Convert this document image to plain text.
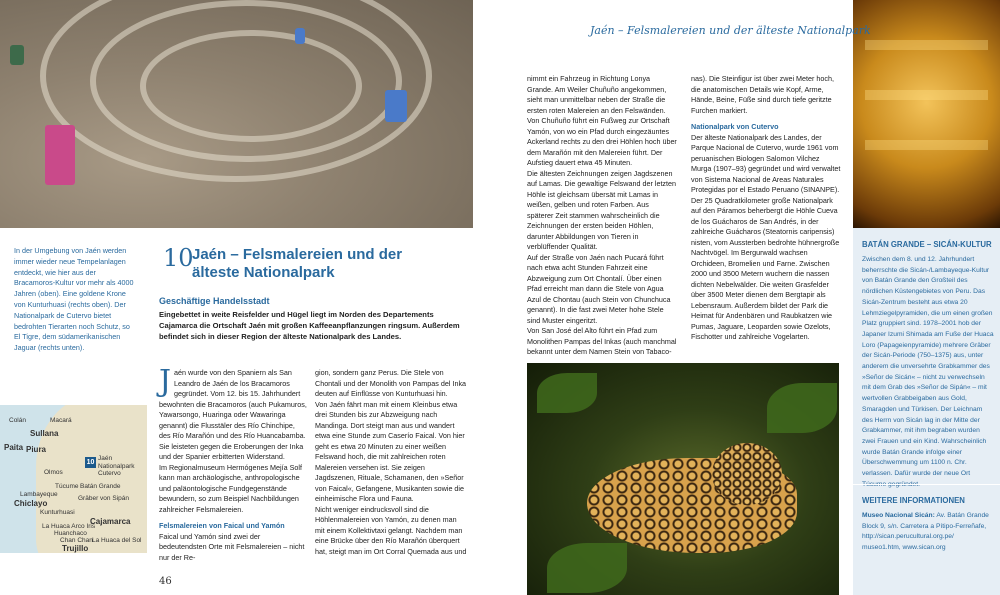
10
Colán
Sullana
Macará
Paita Piura
Jaén
Nationalpark Cutervo
Olmos
Túcume Batán Grande
Lambayeque
Chiclayo
Gräber von Sipán
Kunturhuasi
La Huaca Arco Iris
Huanchaco
Chan Chan
Trujillo
Cajamarca
La Huaca del Sol
In der Umgebung von Jaén werden immer wieder neue Tempelanlagen entdeckt, wie hier aus der Bracamoros-Kultur vor mehr als 4000 Jahren (oben). Eine goldene Krone von Kunturhuasi (rechts oben). Der Nationalpark de Cutervo bietet bedrohten Tierarten noch Schutz, so El Tigre, dem südamerikanischen Jaguar (rechts unten).
10
Jaén – Felsmalereien und der älteste Nationalpark
Geschäftige Handelsstadt
Eingebettet in weite Reisfelder und Hügel liegt im Norden des Departements Cajamarca die Ortschaft Jaén mit großen Kaffeeanpflanzungen ringsum. Außerdem befindet sich in dieser Region der älteste Nationalpark des Landes.

Jaén wurde von den Spaniern als San Leandro de Jaén de los Bracamoros gegründet. Vom 12. bis 15. Jahrhundert bewohnten die Bracamoros (auch Pukamuros, Yawarsongo, Huaringa oder Wawaringa genannt) die Flusstäler des Río Chinchipe, des Río Marañón und des Río Huancabamba. Sie leisteten gegen die Eroberungen der Inka und der Spanier erbitterten Widerstand.

Im Regionalmuseum Hermógenes Mejía Solf kann man archäologische, anthropologische und paläontologische Fundgegenstände bewundern, so zum Beispiel Nachbildungen zahlreicher Felsmalereien.

Felsmalereien von Faical und Yamón

Faical und Yamón sind zwei der bedeutendsten Orte mit Felsmalereien – nicht nur der Re-

gion, sondern ganz Perus. Die Stele von Chontali und der Monolith von Pampas del Inka deuten auf Einflüsse von Kunturhuasi hin.

Von Jaén fährt man mit einem Kleinbus etwa drei Stunden bis zur Abzweigung nach Mandinga. Dort steigt man aus und wandert etwa eine Stunde zum Caserío Faical. Von hier geht es etwa 20 Minuten zu einer weißen Felswand hoch, die mit zahlreichen roten Malereien versehen ist. Sie zeigen Jagdszenen, Rituale, Schamanen, den »Señor von Faical«, Gefangene, Musikanten sowie die einheimische Flora und Fauna.

Nicht weniger eindrucksvoll sind die Höhlenmalereien von Yamón, zu denen man mit einem Kollektivtaxi gelangt. Nachdem man eine Brücke über den Río Marañón überquert hat, steigt man im Ort Corral Quemada aus und

46
Jaén – Felsmalereien und der älteste Nationalpark

nimmt ein Fahrzeug in Richtung Lonya Grande. Am Weiler Chuñuño angekommen, sieht man unmittelbar neben der Straße die ersten roten Malereien an den Felswänden. Von Chuñuño führt ein Fußweg zur Ortschaft Yamón, von wo ein Pfad durch eingezäuntes Ackerland rechts zu den drei Höhlen hoch über dem Marañón mit den Malereien führt. Der Aufstieg dauert etwa 45 Minuten.

Die ältesten Zeichnungen zeigen Jagdszenen auf Lamas. Die gewaltige Felswand der letzten Höhle ist gleichsam übersät mit Lamas in weißen, gelben und roten Farben. Aus späterer Zeit stammen wahrscheinlich die Zeichnungen der ersten beiden Höhlen, darunter Abbildungen von Tieren in verblüffender Qualität.

Auf der Straße von Jaén nach Pucará führt nach etwa acht Stunden Fahrzeit eine Abzweigung zum Ort Chontalí. Über einen Pfad erreicht man dann die Stele von Agua Azul de Chontau (auch Stein von Chunchuca genannt). In die fast zwei Meter hohe Stele sind Muster eingeritzt.

Von San José del Alto führt ein Pfad zum Monolithen Pampas del Inkas (auch manchmal bekannt unter dem Namen Stein von Tabaco-

nas). Die Steinfigur ist über zwei Meter hoch, die anatomischen Details wie Kopf, Arme, Hände, Beine, Füße sind durch tiefe geritzte Furchen markiert.

Nationalpark von Cutervo

Der älteste Nationalpark des Landes, der Parque Nacional de Cutervo, wurde 1961 vom peruanischen Biologen Salomon Vilchez Murga (1907–93) gegründet und wird verwaltet von Sistema Nacional de Areas Naturales Protegidas por el Estado Peruano (SINANPE). Der 25 Quadratkilometer große Nationalpark auf den Páramos beherbergt die Höhle Cueva de los Guácharos de San Andrés, in der zahlreiche Guácharos (Steatornis caripensis) nisten, vom Aussterben bedrohte hühnergroße Nachtvögel. Im Bergurwald wachsen Orchideen, Bromelien und Farne. Zwischen 2000 und 3500 Metern wuchern die nassen dichten Nebelwälder. Die weiten Grasfelder über 3500 Meter dienen dem Bergtapir als Lebensraum. Außerdem bildet der Park die Heimat für Andenbären und Raubkatzen wie Pumas, Jaguare, Leoparden sowie Ozelots, Fischotter und zahlreiche Vogelarten.

BATÁN GRANDE – SICÁN-KULTUR
Zwischen dem 8. und 12. Jahrhundert beherrschte die Sicán-/Lambayeque-Kultur von Batán Grande den Großteil des nördlichen Küstengebietes von Peru. Das Sicán-Zentrum besteht aus etwa 20 Lehmziegelpyramiden, die um einen großen Platz gruppiert sind. 1978–2001 hob der Japaner Izumi Shimada am Fuße der Huaca Loro (Papageienpyramide) mehrere Gräber der Sicán-Periode (750–1375) aus, unter anderem die unversehrte Grabkammer des »Señor de Sicán« – nicht zu verwechseln mit dem Grab des »Señor de Sipán« – mit wertvollen Grabbeigaben aus Gold, Smaragden und Türkisen. Der Leichnam des Herrn von Sicán lag in der Mitte der Grabkammer, mit ihm begraben wurden zwei Frauen und ein Kind. Wahrscheinlich wurde Batán Grande infolge einer Überschwemmung um 1100 n. Chr. verlassen. Dafür wurde der neue Ort
WEITERE INFORMATIONEN
Museo Nacional Sicán: Av. Batán Grande Block 9, s/n. Carretera a Pítipo-Ferreñafe, http://sican.perucultural.org.pe/ museo1.htm, www.sican.org
